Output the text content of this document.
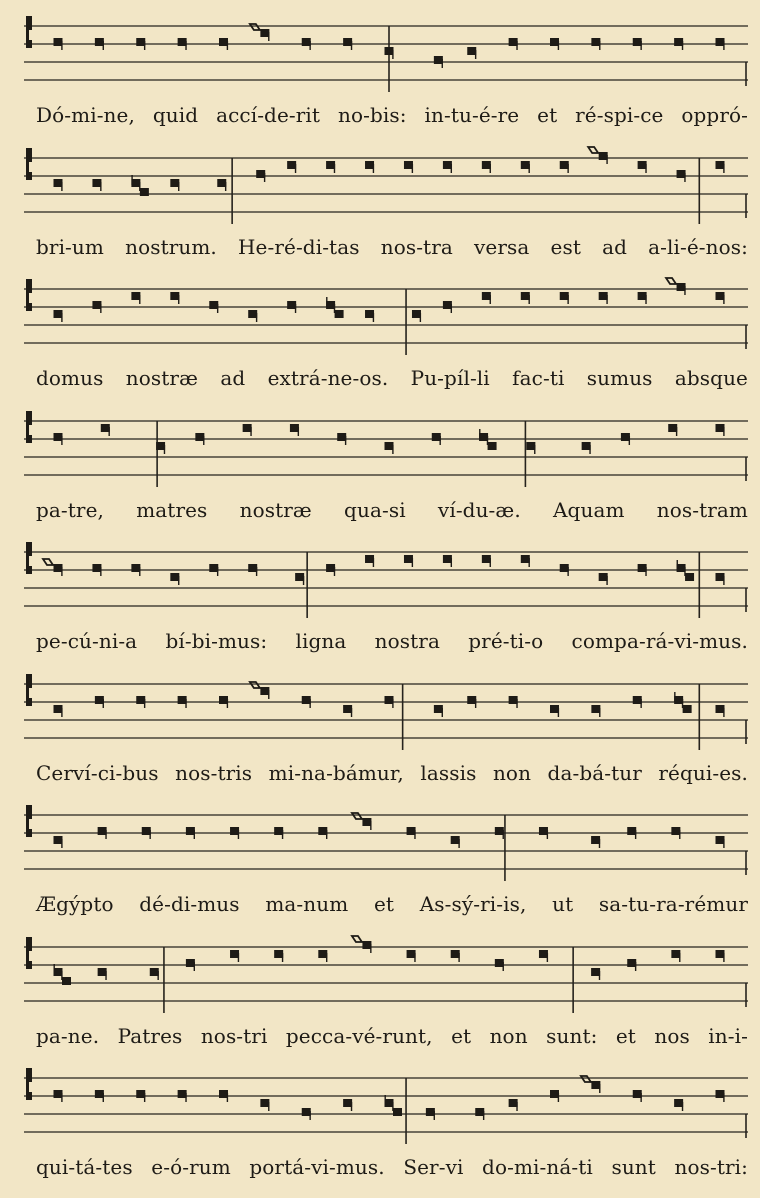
Dó-mi-ne, quid accí-de-rit no-bis: in-tu-é-re et ré-spi-ce oppró-
bri-um nostrum. He-ré-di-tas nos-tra versa est ad a-li-é-nos:
domus nostræ ad extrá-ne-os. Pu-píl-li fac-ti sumus absque
pa-tre, matres nostræ qua-si ví-du-æ. Aquam nos-tram
pe-cú-ni-a bí-bi-mus: ligna nostra pré-ti-o compa-rá-vi-mus.
Cerví-ci-bus nos-tris mi-na-bámur, lassis non da-bá-tur réqui-es.
Ægýpto dé-di-mus ma-num et As-sý-ri-is, ut sa-tu-ra-rémur
pa-ne. Patres nos-tri pecca-vé-runt, et non sunt: et nos in-i-
qui-tá-tes e-ó-rum portá-vi-mus. Ser-vi do-mi-ná-ti sunt nos-tri:
